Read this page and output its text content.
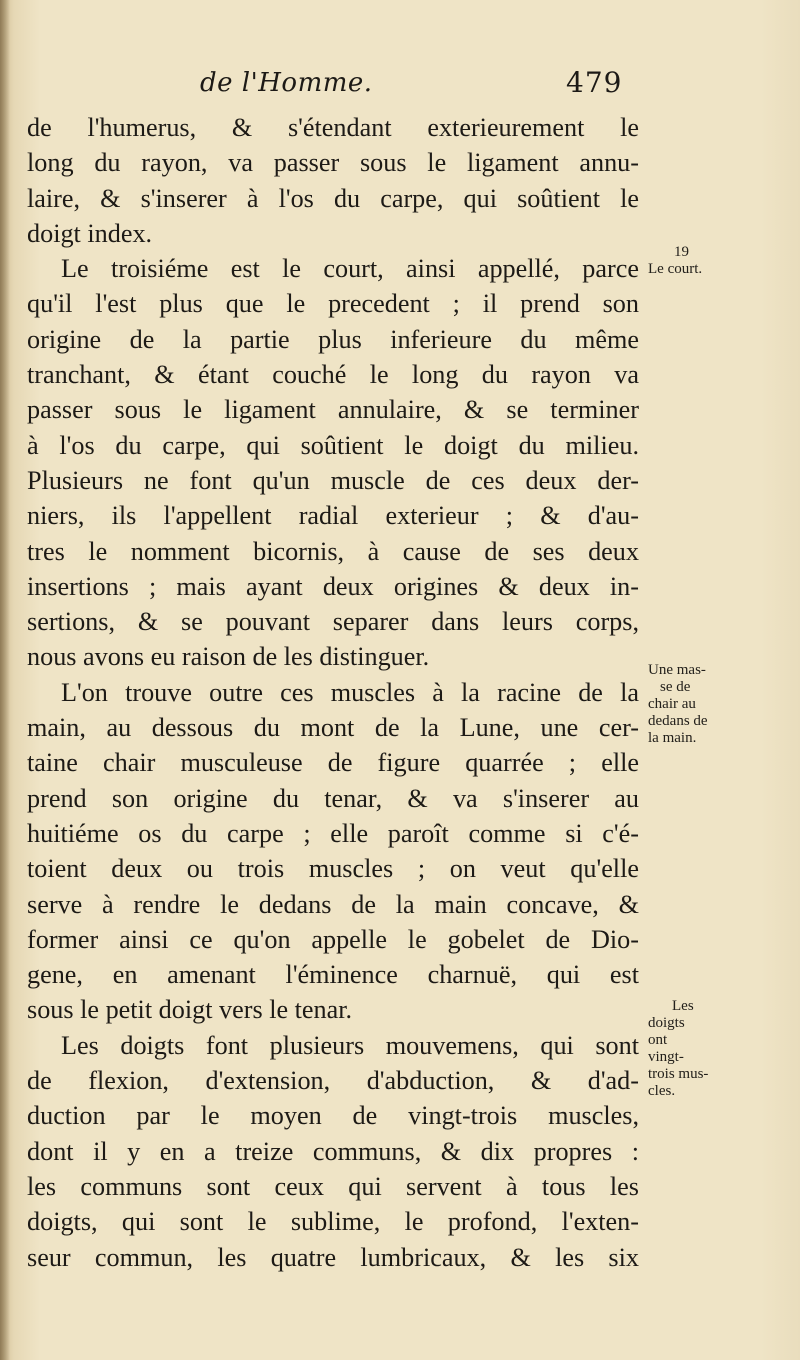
de l'Homme.	479
de l'humerus, & s'étendant exterieurement le
long du rayon, va passer sous le ligament annu-
laire, & s'inserer à l'os du carpe, qui soûtient le
doigt index.
Le troisiéme est le court, ainsi appellé, parce
qu'il l'est plus que le precedent ; il prend son
origine de la partie plus inferieure du même
tranchant, & étant couché le long du rayon va
passer sous le ligament annulaire, & se terminer
à l'os du carpe, qui soûtient le doigt du milieu.
Plusieurs ne font qu'un muscle de ces deux der-
niers, ils l'appellent radial exterieur ; & d'au-
tres le nomment bicornis, à cause de ses deux
insertions ; mais ayant deux origines & deux in-
sertions, & se pouvant separer dans leurs corps,
nous avons eu raison de les distinguer.
L'on trouve outre ces muscles à la racine de la
main, au dessous du mont de la Lune, une cer-
taine chair musculeuse de figure quarrée ; elle
prend son origine du tenar, & va s'inserer au
huitiéme os du carpe ; elle paroît comme si c'é-
toient deux ou trois muscles ; on veut qu'elle
serve à rendre le dedans de la main concave, &
former ainsi ce qu'on appelle le gobelet de Dio-
gene, en amenant l'éminence charnuë, qui est
sous le petit doigt vers le tenar.
Les doigts font plusieurs mouvemens, qui sont
de flexion, d'extension, d'abduction, & d'ad-
duction par le moyen de vingt-trois muscles,
dont il y en a treize communs, & dix propres :
les communs sont ceux qui servent à tous les
doigts, qui sont le sublime, le profond, l'exten-
seur commun, les quatre lumbricaux, & les six
19
Le court.
Une mas-
se de
chair au
dedans de
la main.
Les
doigts
ont
vingt-
trois mus-
cles.
